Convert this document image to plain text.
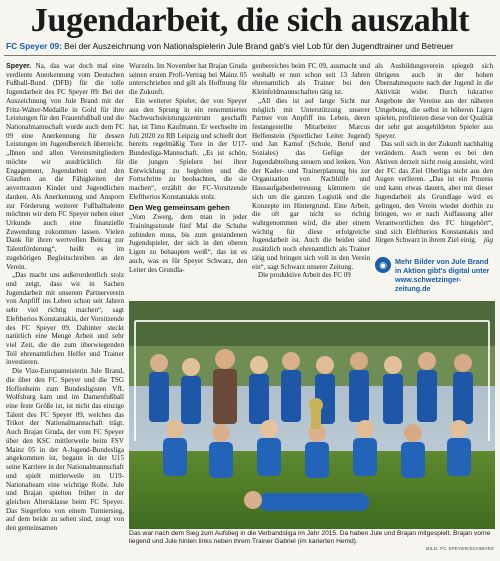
Jugendarbeit, die sich auszahlt
FC Speyer 09: Bei der Auszeichnung von Nationalspielerin Jule Brand gab's viel Lob für den Jugendtrainer und Betreuer

Speyer. Na, das war doch mal eine verdiente Anerkennung vom Deutschen Fußball-Bund (DFB) für die tolle Jugendarbeit des FC Speyer 09: Bei der Auszeichnung von Jule Brand mit der Fritz-Walter-Medaille in Gold für ihre Leistungen für den Frauenfußball und die Nationalmannschaft wurde auch dem FC 09 eine Anerkennung für dessen Leistungen im Jugendbereich überreicht. „Ihnen und allen Vereinsmitgliedern möchte wir ausdrücklich für Engagement, Jugendarbeit und den Glauben an die Fähigkeiten der anvertrauten Kinder und Jugendlichen danken. Als Anerkennung und Ansporn zur Förderung weiterer Fußballtalente möchten wir dem FC Speyer neben einer Urkunde auch eine finanzielle Zuwendung zukommen lassen. Vielen Dank für ihren wertvollen Beitrag zur Talentförderung“, heißt es im zugehörigen Begleitschreiben an den Verein.

„Das macht uns außerordentlich stolz und zeigt, dass wir in Sachen Jugendarbeit mit unserem Partnerverein von Anpfiff ins Leben schon seit Jahren sehr viel richtig machen“, sagt Eleftherios Konstantakis, der Vorsitzende des FC Speyer 09. Dahinter steckt natürlich eine Menge Arbeit und sehr viel Zeit, die die zum überwiegenden Teil ehrenamtlichen Helfer und Trainer investieren.

Die Vize-Europameisterin Jule Brand, die über den FC Speyer und die TSG Hoffenheim zum Bundesligisten VfL Wolfsburg kam und im Damenfußball eine feste Größe ist, ist nicht das einzige Talent des FC Speyer 09, welches das Trikot der Nationalmannschaft trägt. Auch Brajan Gruda, der vom FC Speyer über den KSC mittlerweile beim FSV Mainz 05 in der A-Jugend-Bundesliga angekommen ist, begann in der U15 seine Karriere in der Nationalmannschaft und spielt mittlerweile im U19-Nationalteam eine wichtige Rolle. Jule und Brajan spielten früher in der gleichen Altersklasse beim FC Speyer. Das Siegerfoto von einem Turniersieg, auf dem beide zu sehen sind, zeugt von den gemeinsamen

Wurzeln. Im November hat Brajan Gruda seinen ersten Profi-Vertrag bei Mainz 05 unterschrieben und gilt als Hoffnung für die Zukunft.

Ein weiterer Spieler, der von Speyer aus den Sprung in ein renommiertes Nachwuchsleistungszentrum geschafft hat, ist Timo Kaufmann. Er wechselte im Juli 2020 zu RB Leipzig und schießt dort bereits regelmäßig Tore in der U17-Bundesliga-Mannschaft. „Es ist schön, die jungen Spielern bei ihrer Entwicklung zu begleiten und die Fortschritte zu beobachten, die sie machen“, erzählt der FC-Vorsitzende Eleftherios Konstantakis stolz.

Den Weg gemeinsam gehen

„Vom Zwerg, dem man in jeder Trainingsstunde fünf Mal die Schuhe zubinden muss, bis zum gestandenen Jugendspieler, der sich in den oberen Ligen zu behaupten weiß“, das ist es auch, was es für Speyer Schwarz, den Leiter des Grundla-

genbereiches beim FC 09, ausmacht und weshalb er nun schon seit 13 Jahren ehrenamtlich als Trainer bei den Kleinfeldmannschaften tätig ist.

„All dies ist auf lange Sicht nur möglich mit Unterstützung unserer Partner von Anpfiff ins Leben, deren festangestellte Mitarbeiter Marcus Helfenstein (Sportlicher Leiter Jugend) und Jan Kamuf (Schule, Beruf und Soziales) das Gefüge der Jugendabteilung steuern und lenken. Von der Kader- und Trainerplanung bis zur Organisation von Nachhilfe und Hausaufgabenbetreuung kümmern sie sich um die ganzen Logistik und die Konzepte im Hintergrund. Eine Arbeit, die oft gar nicht so richtig wahrgenommen wird, die aber einem wichtig für diese erfolgreiche Jugendarbeit ist. Auch die beiden sind zusätzlich noch ehrenamtlich als Trainer tätig und bringen sich voll in den Verein ein“, sagt Schwarz unserer Zeitung.

Die produktive Arbeit des FC 09

als Ausbildungsverein spiegelt sich übrigens auch in der hohen Übernahmequote nach der Jugend in die Aktivität wider. Durch lukrative Angebote der Vereine aus der näheren Umgebung, die selbst in höheren Ligen spielen, profitieren diese von der Qualität der sehr gut ausgebildeten Spieler aus Speyer.

Das soll sich in der Zukunft nachhaltig verändern. Auch wenn es bei den Aktiven derzeit nicht rosig aussieht, wird der FC das Ziel Oberliga nicht aus den Augen verlieren. „Das ist ein Prozess und kann etwas dauern, aber mit dieser Jugendarbeit als Grundlage wird es gelingen, den Verein wieder dorthin zu bringen, wo er nach Auffassung aller Verantwortlichen des FC hingehört“, sind sich Eleftherios Konstantakis und Jürgen Schwarz in ihrem Ziel einig.	jüg

◉	Mehr Bilder von Jule Brand in Aktion gibt's digital unter
www.schwetzinger-zeitung.de
Das war nach dem Sieg zum Aufstieg in die Verbandsliga im Jahr 2015. Da haben Jule und Brajan mitgespielt. Brajan vorne liegend und Jule hinten links neben ihrem Trainer Gabriel (im karierten Hemd).
BILD: FC SPEYER/SCHWARZ
